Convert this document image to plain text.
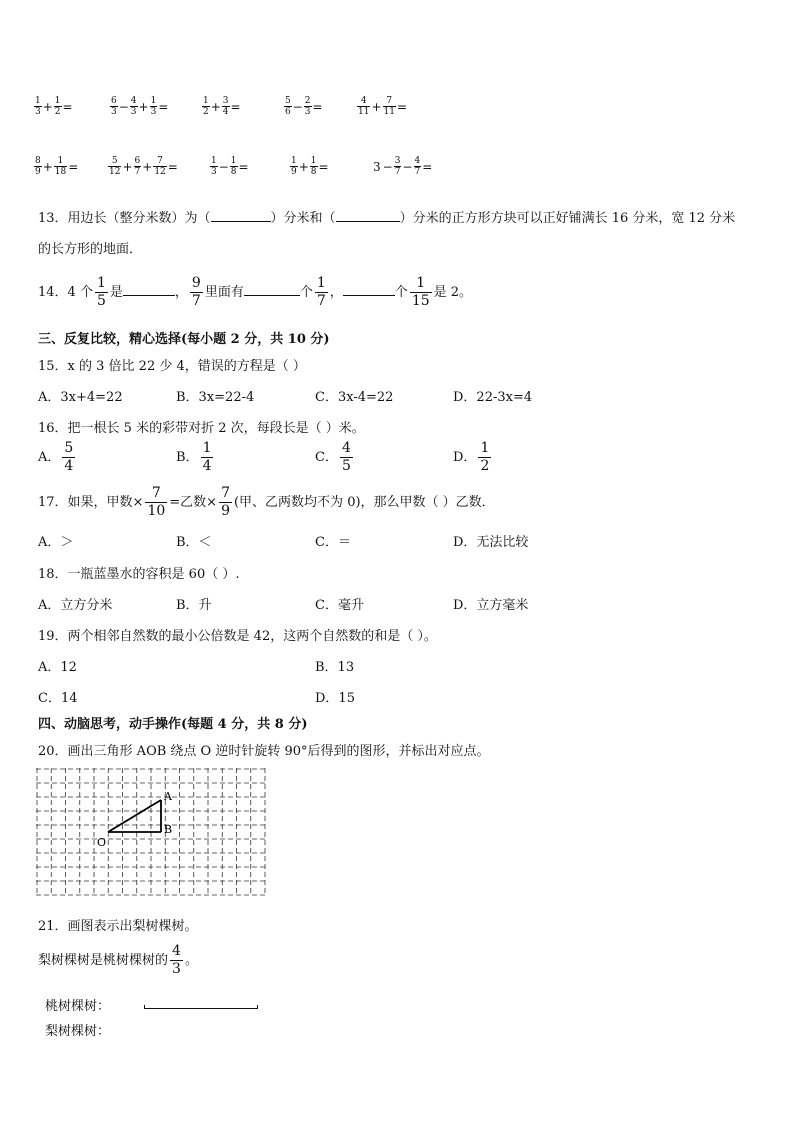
$\frac{1}{3} + \frac{1}{2}$ =	$\frac{6}{3} - \frac{4}{3} + \frac{1}{3}$ =	$\frac{1}{2} + \frac{3}{4}$ =	$\frac{5}{6} - \frac{2}{3}$ =	$\frac{4}{11} + \frac{7}{11}$ =
$\frac{8}{9} + \frac{1}{18}$ =	$\frac{5}{12} + \frac{6}{7} + \frac{7}{12}$ =	$\frac{1}{3} - \frac{1}{8}$ =	$\frac{1}{9} + \frac{1}{8}$ =	$3 - \frac{3}{7} - \frac{4}{7}$ =
13．用边长（整分米数）为（	）分米和（	）分米的正方形方块可以正好铺满长 16 分米，宽 12 分米
的长方形的地面．
14．4 个 $\frac{1}{5}$ 是	， $\frac{9}{7}$ 里面有	个 $\frac{1}{7}$ ，	个 $\frac{1}{15}$ 是 2。
三、反复比较，精心选择(每小题 2 分，共 10 分)
15．x 的 3 倍比 22 少 4，错误的方程是（ ）
A．3x+4=22	B．3x=22-4	C．3x-4=22	D．22-3x=4
16．把一根长 5 米的彩带对折 2 次，每段长是（ ）米。
A． $\frac{5}{4}$	B． $\frac{1}{4}$	C． $\frac{4}{5}$	D． $\frac{1}{2}$
17．如果，甲数× $\frac{7}{10}$ =乙数× $\frac{7}{9}$ (甲、乙两数均不为 0)，那么甲数（ ）乙数．
A．＞	B．＜	C．＝	D．无法比较
18．一瓶蓝墨水的容积是 60（ ）.
A．立方分米	B．升	C．毫升	D．立方毫米
19．两个相邻自然数的最小公倍数是 42，这两个自然数的和是（ ）。
A．12	B．13
C．14	D．15
四、动脑思考，动手操作(每题 4 分，共 8 分)
20．画出三角形 AOB 绕点 O 逆时针旋转 90°后得到的图形，并标出对应点。
A
B
O
21．画图表示出梨树棵树。
梨树棵树是桃树棵树的 $\frac{4}{3}$ 。
桃树棵树：
梨树棵树：
